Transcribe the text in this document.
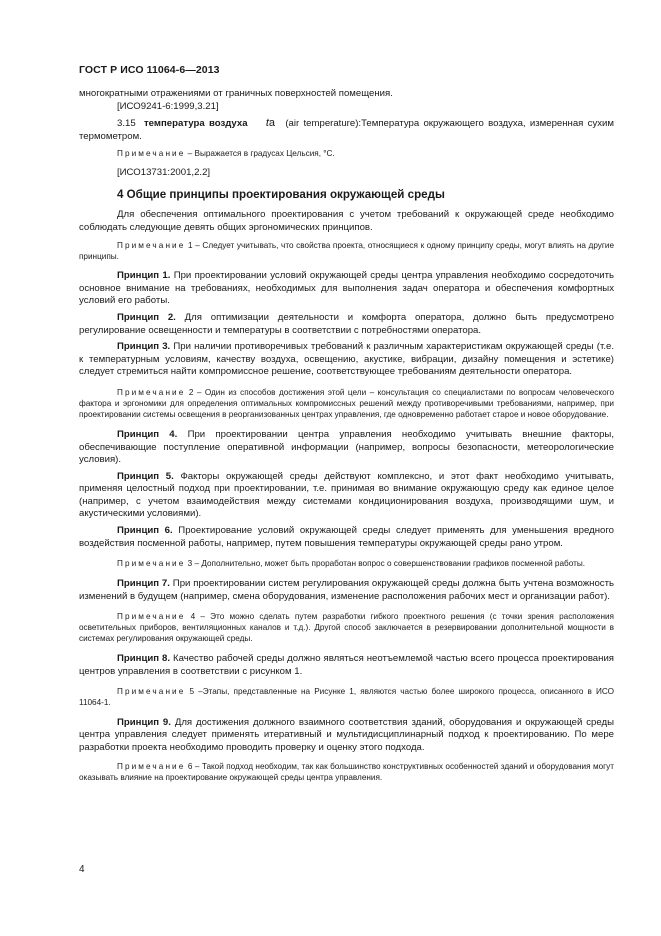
ГОСТ Р ИСО 11064-6—2013

многократными отражениями от граничных поверхностей помещения.

[ИСО9241-6:1999,3.21]

3.15 температура воздуха ta (air temperature):Температура окружающего воздуха, измеренная сухим термометром.

Примечание – Выражается в градусах Цельсия, °С.

[ИСО13731:2001,2.2]

4 Общие принципы проектирования окружающей среды

Для обеспечения оптимального проектирования с учетом требований к окружающей среде необходимо соблюдать следующие девять общих эргономических принципов.

Примечание 1 – Следует учитывать, что свойства проекта, относящиеся к одному принципу среды, могут влиять на другие принципы.

Принцип 1. При проектировании условий окружающей среды центра управления необходимо сосредоточить основное внимание на требованиях, необходимых для выполнения задач оператора и обеспечения комфортных условий его работы.

Принцип 2. Для оптимизации деятельности и комфорта оператора, должно быть предусмотрено регулирование освещенности и температуры в соответствии с потребностями оператора.

Принцип 3. При наличии противоречивых требований к различным характеристикам окружающей среды (т.е. к температурным условиям, качеству воздуха, освещению, акустике, вибрации, дизайну помещения и эстетике) следует стремиться найти компромиссное решение, соответствующее требованиям деятельности оператора.

Примечание 2 – Один из способов достижения этой цели – консультация со специалистами по вопросам человеческого фактора и эргономики для определения оптимальных компромиссных решений между противоречивыми требованиями, например, при проектировании системы освещения в реорганизованных центрах управления, где одновременно работает старое и новое оборудование.

Принцип 4. При проектировании центра управления необходимо учитывать внешние факторы, обеспечивающие поступление оперативной информации (например, вопросы безопасности, метеорологические условия).

Принцип 5. Факторы окружающей среды действуют комплексно, и этот факт необходимо учитывать, применяя целостный подход при проектировании, т.е. принимая во внимание окружающую среду как единое целое (например, с учетом взаимодействия между системами кондиционирования воздуха, производящими шум, и акустическими условиями).

Принцип 6. Проектирование условий окружающей среды следует применять для уменьшения вредного воздействия посменной работы, например, путем повышения температуры окружающей среды рано утром.

Примечание 3 – Дополнительно, может быть проработан вопрос о совершенствовании графиков посменной работы.

Принцип 7. При проектировании систем регулирования окружающей среды должна быть учтена возможность изменений в будущем (например, смена оборудования, изменение расположения рабочих мест и организации работ).

Примечание 4 – Это можно сделать путем разработки гибкого проектного решения (с точки зрения расположения осветительных приборов, вентиляционных каналов и т.д.). Другой способ заключается в резервировании дополнительной мощности в системах регулирования окружающей среды.

Принцип 8. Качество рабочей среды должно являться неотъемлемой частью всего процесса проектирования центров управления в соответствии с рисунком 1.

Примечание 5 –Этапы, представленные на Рисунке 1, являются частью более широкого процесса, описанного в ИСО 11064-1.

Принцип 9. Для достижения должного взаимного соответствия зданий, оборудования и окружающей среды центра управления следует применять итеративный и мультидисциплинарный подход к проектированию. По мере разработки проекта необходимо проводить проверку и оценку этого подхода.

Примечание 6 – Такой подход необходим, так как большинство конструктивных особенностей зданий и оборудования могут оказывать влияние на проектирование окружающей среды центра управления.

4
